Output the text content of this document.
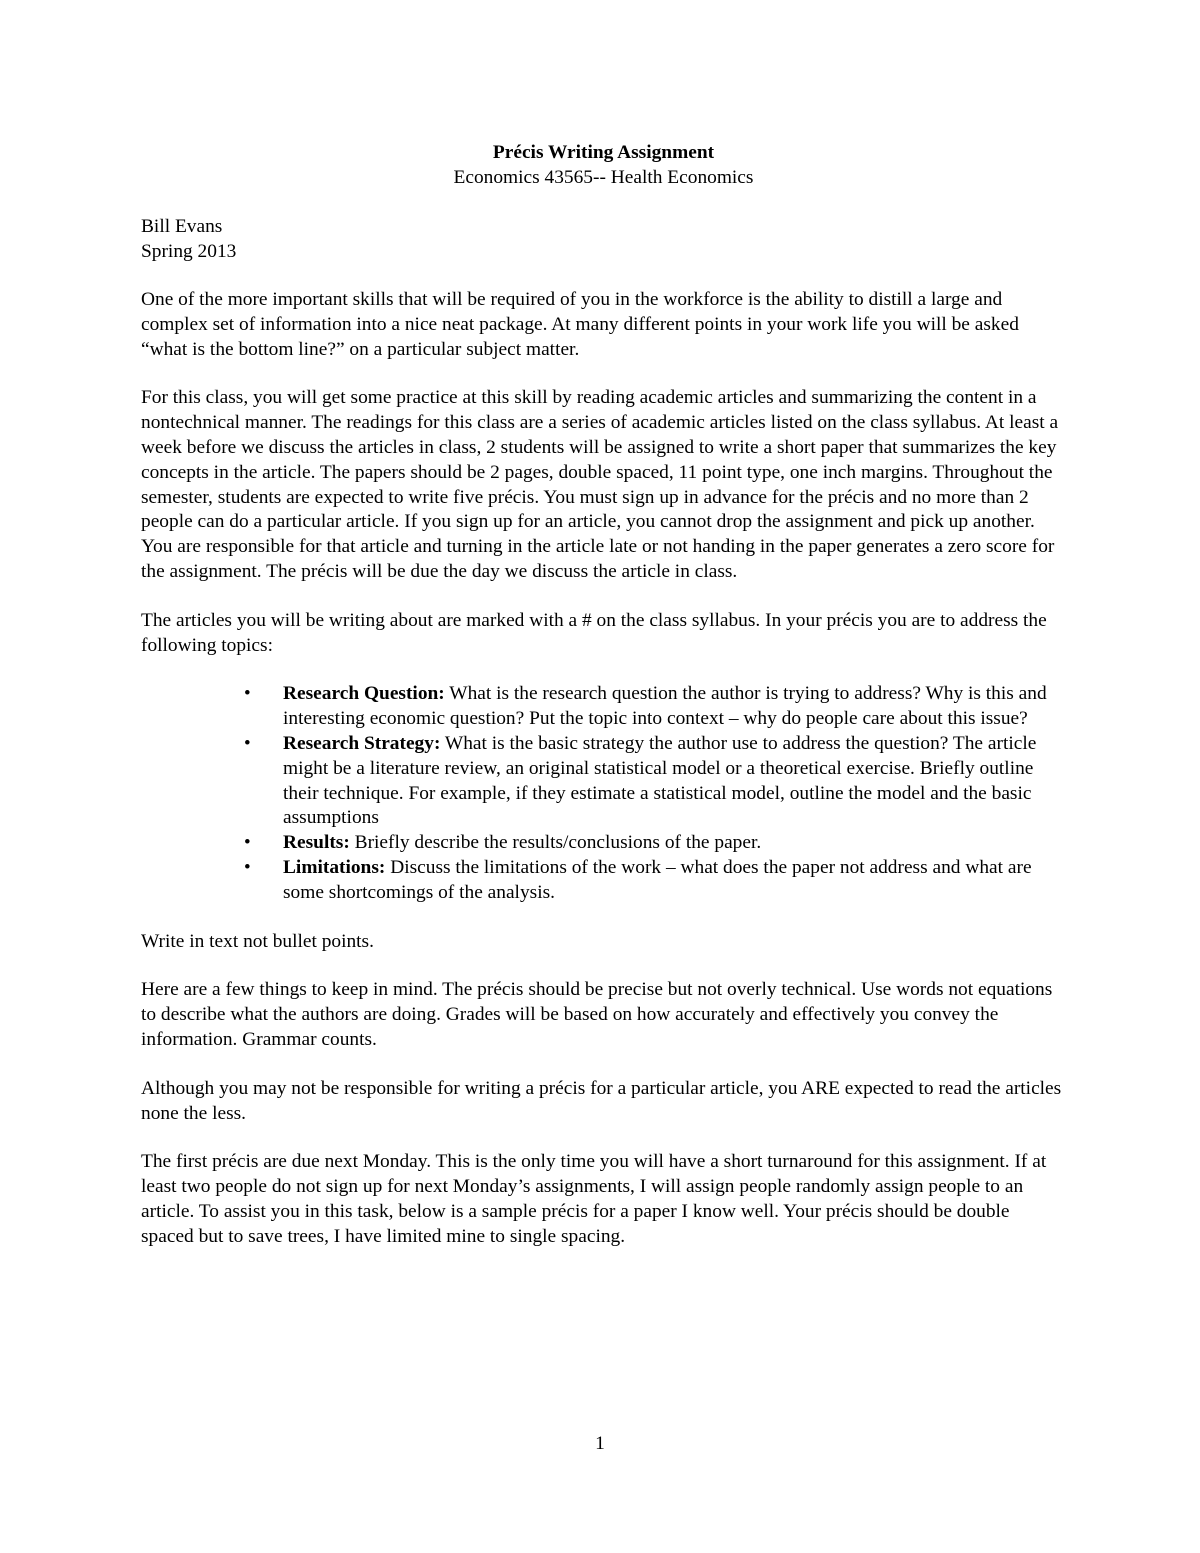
Précis Writing Assignment
Economics 43565-- Health Economics
Bill Evans
Spring 2013

One of the more important skills that will be required of you in the workforce is the ability to distill a large and complex set of information into a nice neat package. At many different points in your work life you will be asked “what is the bottom line?” on a particular subject matter.

For this class, you will get some practice at this skill by reading academic articles and summarizing the content in a nontechnical manner. The readings for this class are a series of academic articles listed on the class syllabus. At least a week before we discuss the articles in class, 2 students will be assigned to write a short paper that summarizes the key concepts in the article. The papers should be 2 pages, double spaced, 11 point type, one inch margins. Throughout the semester, students are expected to write five précis. You must sign up in advance for the précis and no more than 2 people can do a particular article. If you sign up for an article, you cannot drop the assignment and pick up another. You are responsible for that article and turning in the article late or not handing in the paper generates a zero score for the assignment. The précis will be due the day we discuss the article in class.

The articles you will be writing about are marked with a # on the class syllabus. In your précis you are to address the following topics:

• Research Question: What is the research question the author is trying to address? Why is this and interesting economic question? Put the topic into context – why do people care about this issue?
• Research Strategy: What is the basic strategy the author use to address the question? The article might be a literature review, an original statistical model or a theoretical exercise. Briefly outline their technique. For example, if they estimate a statistical model, outline the model and the basic assumptions
• Results: Briefly describe the results/conclusions of the paper.
• Limitations: Discuss the limitations of the work – what does the paper not address and what are some shortcomings of the analysis.

Write in text not bullet points.

Here are a few things to keep in mind. The précis should be precise but not overly technical. Use words not equations to describe what the authors are doing. Grades will be based on how accurately and effectively you convey the information. Grammar counts.

Although you may not be responsible for writing a précis for a particular article, you ARE expected to read the articles none the less.

The first précis are due next Monday. This is the only time you will have a short turnaround for this assignment. If at least two people do not sign up for next Monday’s assignments, I will assign people randomly assign people to an article. To assist you in this task, below is a sample précis for a paper I know well. Your précis should be double spaced but to save trees, I have limited mine to single spacing.

1
